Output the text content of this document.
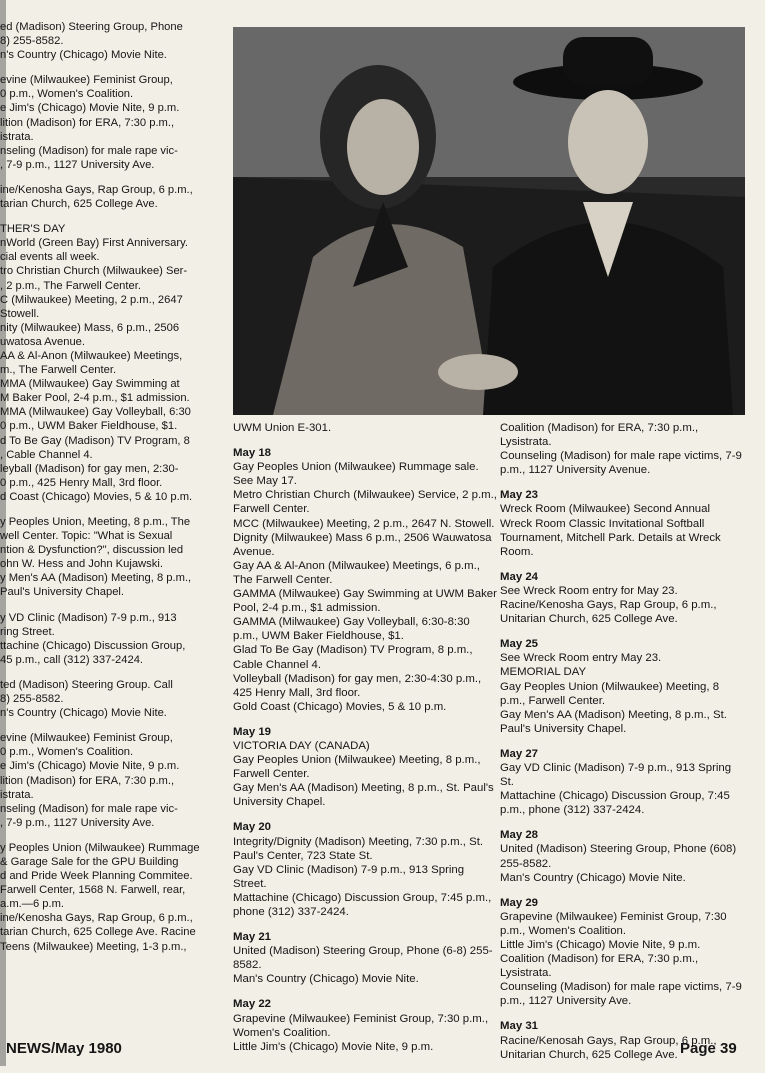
ed (Madison) Steering Group, Phone
8) 255-8582.
n's Country (Chicago) Movie Nite.
evine (Milwaukee) Feminist Group,
0 p.m., Women's Coalition.
e Jim's (Chicago) Movie Nite, 9 p.m.
lition (Madison) for ERA, 7:30 p.m.,
istrata.
nseling (Madison) for male rape vic-
, 7-9 p.m., 1127 University Ave.
ine/Kenosha Gays, Rap Group, 6 p.m.,
tarian Church, 625 College Ave.
THER'S DAY
nWorld (Green Bay) First Anniversary.
cial events all week.
tro Christian Church (Milwaukee) Ser-
, 2 p.m., The Farwell Center.
C (Milwaukee) Meeting, 2 p.m., 2647
Stowell.
nity (Milwaukee) Mass, 6 p.m., 2506
uwatosa Avenue.
AA & Al-Anon (Milwaukee) Meetings,
m., The Farwell Center.
MMA (Milwaukee) Gay Swimming at
M Baker Pool, 2-4 p.m., $1 admission.
MMA (Milwaukee) Gay Volleyball, 6:30
0 p.m., UWM Baker Fieldhouse, $1.
d To Be Gay (Madison) TV Program, 8
, Cable Channel 4.
leyball (Madison) for gay men, 2:30-
0 p.m., 425 Henry Mall, 3rd floor.
d Coast (Chicago) Movies, 5 & 10 p.m.
y Peoples Union, Meeting, 8 p.m., The
well Center. Topic: "What is Sexual
ntion & Dysfunction?", discussion led
ohn W. Hess and John Kujawski.
y Men's AA (Madison) Meeting, 8 p.m.,
Paul's University Chapel.
y VD Clinic (Madison) 7-9 p.m., 913
ring Street.
ttachine (Chicago) Discussion Group,
45 p.m., call (312) 337-2424.
ted (Madison) Steering Group. Call
8) 255-8582.
n's Country (Chicago) Movie Nite.
evine (Milwaukee) Feminist Group,
0 p.m., Women's Coalition.
e Jim's (Chicago) Movie Nite, 9 p.m.
lition (Madison) for ERA, 7:30 p.m.,
istrata.
nseling (Madison) for male rape vic-
, 7-9 p.m., 1127 University Ave.
y Peoples Union (Milwaukee) Rummage
& Garage Sale for the GPU Building
d and Pride Week Planning Commitee.
Farwell Center, 1568 N. Farwell, rear,
a.m.—6 p.m.
ine/Kenosha Gays, Rap Group, 6 p.m.,
tarian Church, 625 College Ave. Racine
Teens (Milwaukee) Meeting, 1-3 p.m.,
UWM Union E-301.
May 18
Gay Peoples Union (Milwaukee) Rummage sale. See May 17.
Metro Christian Church (Milwaukee) Service, 2 p.m., Farwell Center.
MCC (Milwaukee) Meeting, 2 p.m., 2647 N. Stowell.
Dignity (Milwaukee) Mass 6 p.m., 2506 Wauwatosa Avenue.
Gay AA & Al-Anon (Milwaukee) Meetings, 6 p.m., The Farwell Center.
GAMMA (Milwaukee) Gay Swimming at UWM Baker Pool, 2-4 p.m., $1 admission.
GAMMA (Milwaukee) Gay Volleyball, 6:30-8:30 p.m., UWM Baker Fieldhouse, $1.
Glad To Be Gay (Madison) TV Program, 8 p.m., Cable Channel 4.
Volleyball (Madison) for gay men, 2:30-4:30 p.m., 425 Henry Mall, 3rd floor.
Gold Coast (Chicago) Movies, 5 & 10 p.m.
May 19
VICTORIA DAY (CANADA)
Gay Peoples Union (Milwaukee) Meeting, 8 p.m., Farwell Center.
Gay Men's AA (Madison) Meeting, 8 p.m., St. Paul's University Chapel.
May 20
Integrity/Dignity (Madison) Meeting, 7:30 p.m., St. Paul's Center, 723 State St.
Gay VD Clinic (Madison) 7-9 p.m., 913 Spring Street.
Mattachine (Chicago) Discussion Group, 7:45 p.m., phone (312) 337-2424.
May 21
United (Madison) Steering Group, Phone (6-8) 255-8582.
Man's Country (Chicago) Movie Nite.
May 22
Grapevine (Milwaukee) Feminist Group, 7:30 p.m., Women's Coalition.
Little Jim's (Chicago) Movie Nite, 9 p.m.
Coalition (Madison) for ERA, 7:30 p.m., Lysistrata.
Counseling (Madison) for male rape victims, 7-9 p.m., 1127 University Avenue.
May 23
Wreck Room (Milwaukee) Second Annual Wreck Room Classic Invitational Softball Tournament, Mitchell Park. Details at Wreck Room.
May 24
See Wreck Room entry for May 23.
Racine/Kenosha Gays, Rap Group, 6 p.m., Unitarian Church, 625 College Ave.
May 25
See Wreck Room entry May 23.
MEMORIAL DAY
Gay Peoples Union (Milwaukee) Meeting, 8 p.m., Farwell Center.
Gay Men's AA (Madison) Meeting, 8 p.m., St. Paul's University Chapel.
May 27
Gay VD Clinic (Madison) 7-9 p.m., 913 Spring St.
Mattachine (Chicago) Discussion Group, 7:45 p.m., phone (312) 337-2424.
May 28
United (Madison) Steering Group, Phone (608) 255-8582.
Man's Country (Chicago) Movie Nite.
May 29
Grapevine (Milwaukee) Feminist Group, 7:30 p.m., Women's Coalition.
Little Jim's (Chicago) Movie Nite, 9 p.m.
Coalition (Madison) for ERA, 7:30 p.m., Lysistrata.
Counseling (Madison) for male rape victims, 7-9 p.m., 1127 University Ave.
May 31
Racine/Kenosah Gays, Rap Group, 6 p.m., Unitarian Church, 625 College Ave.
NEWS/May 1980	Page 39
